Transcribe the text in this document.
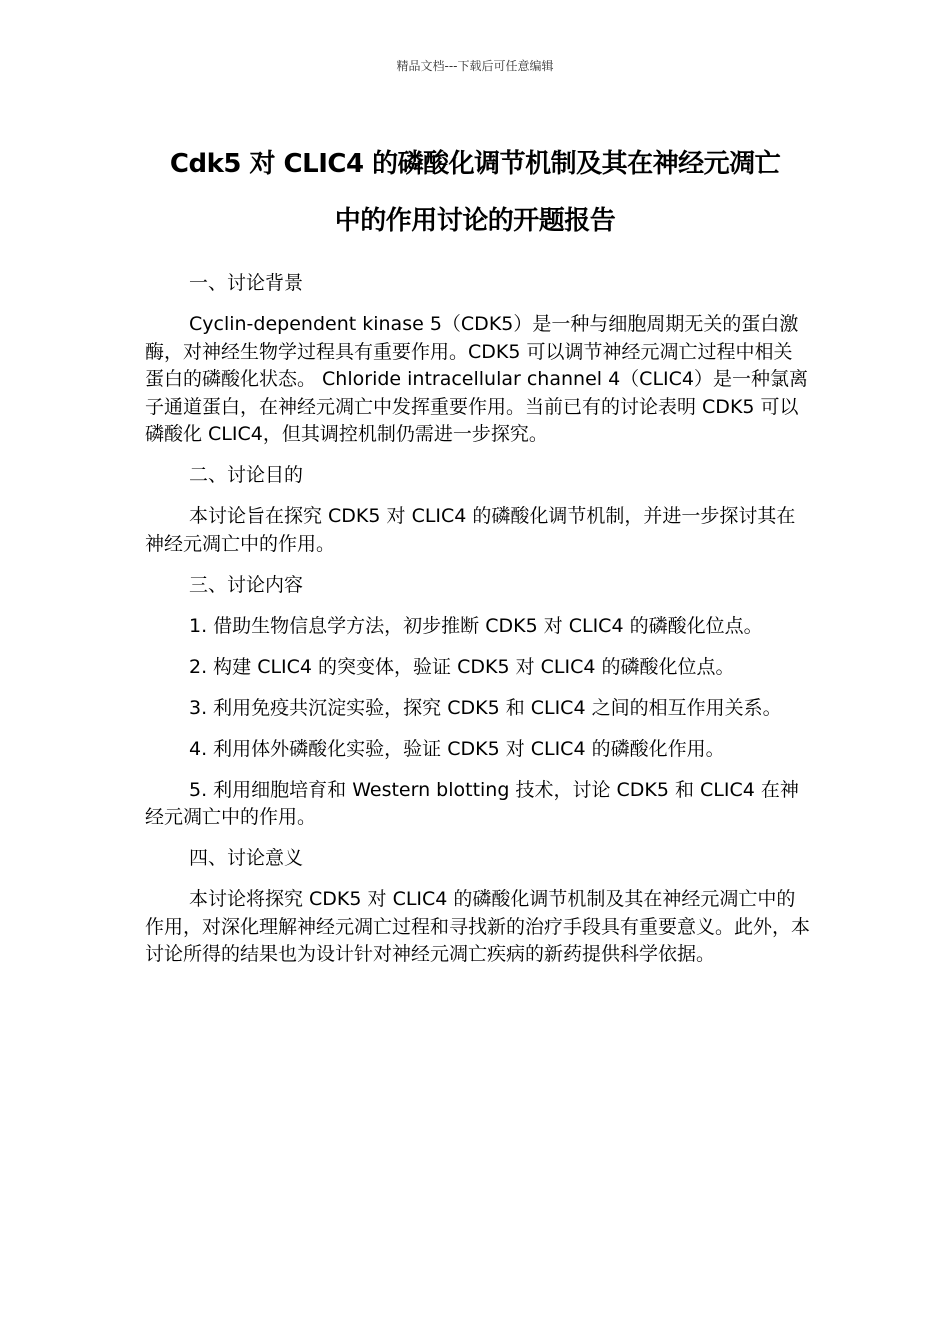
精品文档---下载后可任意编辑
Cdk5 对 CLIC4 的磷酸化调节机制及其在神经元凋亡
中的作用讨论的开题报告

一、讨论背景

Cyclin-dependent kinase 5（CDK5）是一种与细胞周期无关的蛋白激酶，对神经生物学过程具有重要作用。CDK5 可以调节神经元凋亡过程中相关蛋白的磷酸化状态。 Chloride intracellular channel 4（CLIC4）是一种氯离子通道蛋白，在神经元凋亡中发挥重要作用。当前已有的讨论表明 CDK5 可以磷酸化 CLIC4，但其调控机制仍需进一步探究。

二、讨论目的

本讨论旨在探究 CDK5 对 CLIC4 的磷酸化调节机制，并进一步探讨其在神经元凋亡中的作用。

三、讨论内容

1. 借助生物信息学方法，初步推断 CDK5 对 CLIC4 的磷酸化位点。

2. 构建 CLIC4 的突变体，验证 CDK5 对 CLIC4 的磷酸化位点。

3. 利用免疫共沉淀实验，探究 CDK5 和 CLIC4 之间的相互作用关系。

4. 利用体外磷酸化实验，验证 CDK5 对 CLIC4 的磷酸化作用。

5. 利用细胞培育和 Western blotting 技术，讨论 CDK5 和 CLIC4 在神经元凋亡中的作用。

四、讨论意义

本讨论将探究 CDK5 对 CLIC4 的磷酸化调节机制及其在神经元凋亡中的作用，对深化理解神经元凋亡过程和寻找新的治疗手段具有重要意义。此外，本讨论所得的结果也为设计针对神经元凋亡疾病的新药提供科学依据。
